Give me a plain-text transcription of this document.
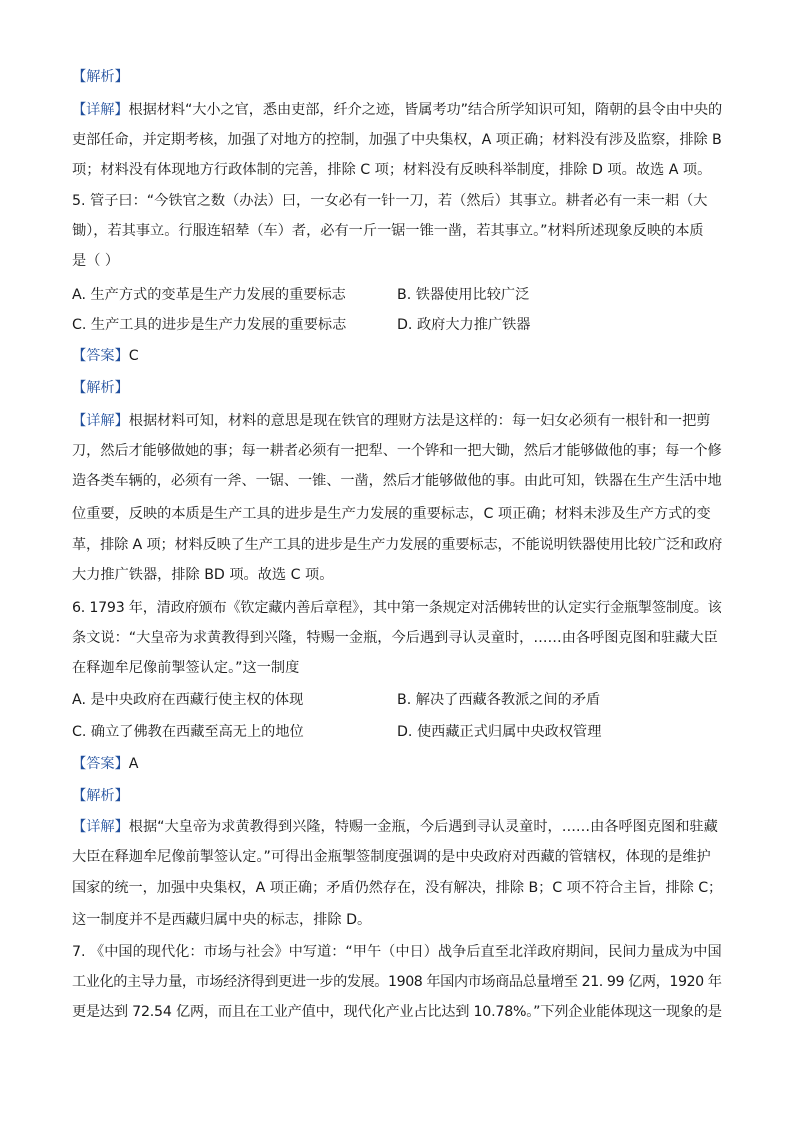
【解析】
【详解】根据材料“大小之官，悉由吏部，纤介之迹，皆属考功”结合所学知识可知，隋朝的县令由中央的
吏部任命，并定期考核，加强了对地方的控制，加强了中央集权，A 项正确；材料没有涉及监察，排除 B
项；材料没有体现地方行政体制的完善，排除 C 项；材料没有反映科举制度，排除 D 项。故选 A 项。
5. 管子曰：“今铁官之数（办法）曰，一女必有一针一刀，若（然后）其事立。耕者必有一耒一耜（大
锄），若其事立。行服连轺辇（车）者，必有一斤一锯一锥一凿，若其事立。”材料所述现象反映的本质
是（ ）
A. 生产方式的变革是生产力发展的重要标志	B. 铁器使用比较广泛
C. 生产工具的进步是生产力发展的重要标志	D. 政府大力推广铁器
【答案】C
【解析】
【详解】根据材料可知，材料的意思是现在铁官的理财方法是这样的：每一妇女必须有一根针和一把剪
刀，然后才能够做她的事；每一耕者必须有一把犁、一个铧和一把大锄，然后才能够做他的事；每一个修
造各类车辆的，必须有一斧、一锯、一锥、一凿，然后才能够做他的事。由此可知，铁器在生产生活中地
位重要，反映的本质是生产工具的进步是生产力发展的重要标志，C 项正确；材料未涉及生产方式的变
革，排除 A 项；材料反映了生产工具的进步是生产力发展的重要标志，不能说明铁器使用比较广泛和政府
大力推广铁器，排除 BD 项。故选 C 项。
6. 1793 年，清政府颁布《钦定藏内善后章程》，其中第一条规定对活佛转世的认定实行金瓶掣签制度。该
条文说：“大皇帝为求黄教得到兴隆，特赐一金瓶，今后遇到寻认灵童时，……由各呼图克图和驻藏大臣
在释迦牟尼像前掣签认定。”这一制度
A. 是中央政府在西藏行使主权的体现	B. 解决了西藏各教派之间的矛盾
C. 确立了佛教在西藏至高无上的地位	D. 使西藏正式归属中央政权管理
【答案】A
【解析】
【详解】根据“大皇帝为求黄教得到兴隆，特赐一金瓶，今后遇到寻认灵童时，……由各呼图克图和驻藏
大臣在释迦牟尼像前掣签认定。”可得出金瓶掣签制度强调的是中央政府对西藏的管辖权，体现的是维护
国家的统一，加强中央集权，A 项正确；矛盾仍然存在，没有解决，排除 B；C 项不符合主旨，排除 C；
这一制度并不是西藏归属中央的标志，排除 D。
7. 《中国的现代化：市场与社会》中写道：“甲午（中日）战争后直至北洋政府期间，民间力量成为中国
工业化的主导力量，市场经济得到更进一步的发展。1908 年国内市场商品总量增至 21. 99 亿两，1920 年
更是达到 72.54 亿两，而且在工业产值中，现代化产业占比达到 10.78%。”下列企业能体现这一现象的是
